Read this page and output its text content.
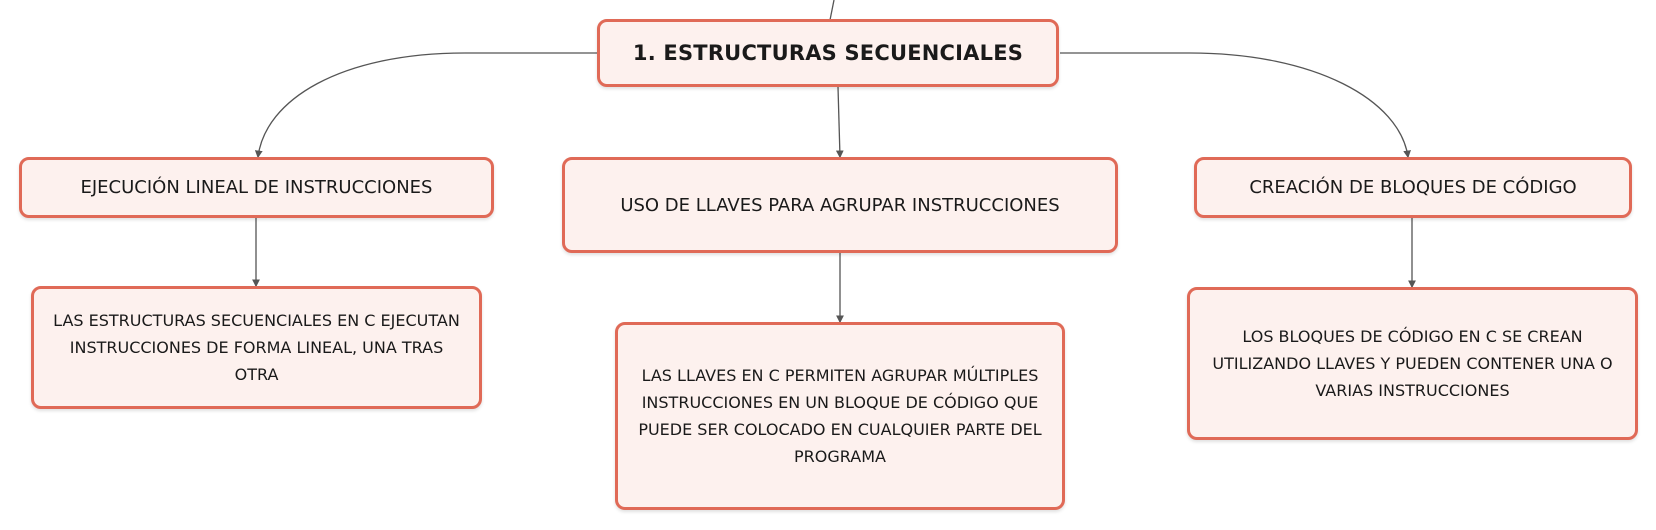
1. ESTRUCTURAS SECUENCIALES
EJECUCIÓN LINEAL DE INSTRUCCIONES
USO DE LLAVES PARA AGRUPAR INSTRUCCIONES
CREACIÓN DE BLOQUES DE CÓDIGO
LAS ESTRUCTURAS SECUENCIALES EN C EJECUTAN INSTRUCCIONES DE FORMA LINEAL, UNA TRAS OTRA	LAS LLAVES EN C PERMITEN AGRUPAR MÚLTIPLES INSTRUCCIONES EN UN BLOQUE DE CÓDIGO QUE PUEDE SER COLOCADO EN CUALQUIER PARTE DEL PROGRAMA
LOS BLOQUES DE CÓDIGO EN C SE CREAN UTILIZANDO LLAVES Y PUEDEN CONTENER UNA O VARIAS INSTRUCCIONES
